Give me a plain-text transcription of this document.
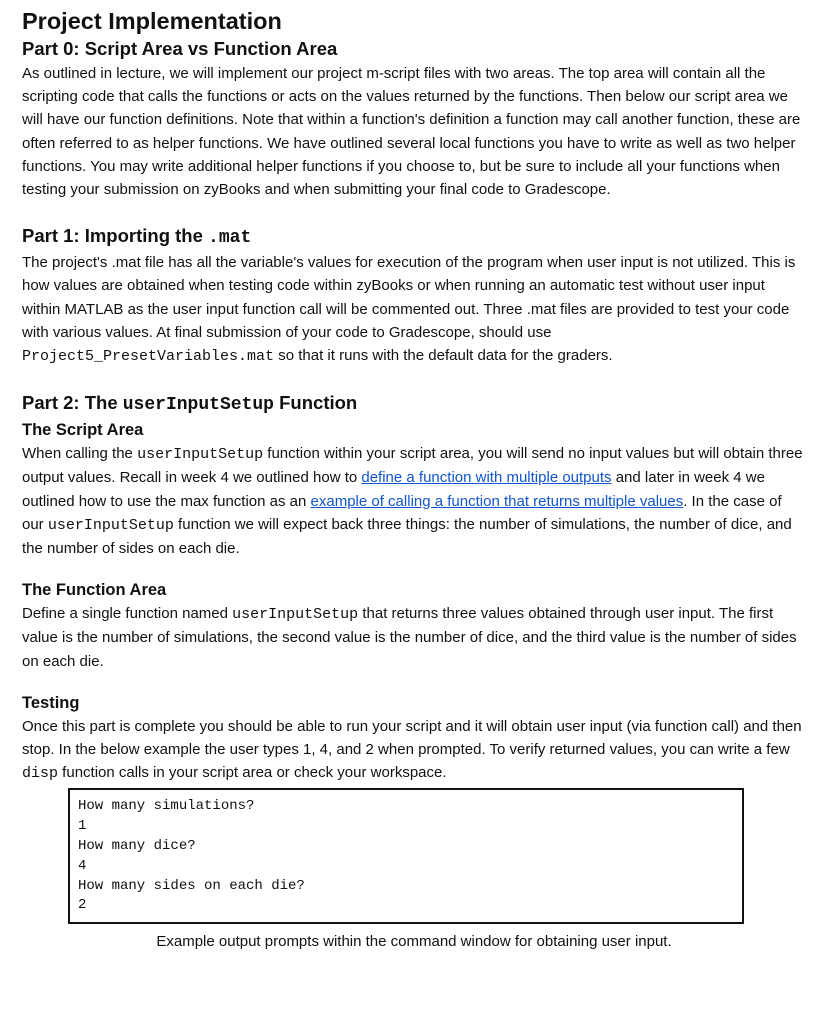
Project Implementation
Part 0: Script Area vs Function Area

As outlined in lecture, we will implement our project m-script files with two areas. The top area will contain all the scripting code that calls the functions or acts on the values returned by the functions. Then below our script area we will have our function definitions. Note that within a function's definition a function may call another function, these are often referred to as helper functions. We have outlined several local functions you have to write as well as two helper functions. You may write additional helper functions if you choose to, but be sure to include all your functions when testing your submission on zyBooks and when submitting your final code to Gradescope.

Part 1: Importing the .mat

The project's .mat file has all the variable's values for execution of the program when user input is not utilized. This is how values are obtained when testing code within zyBooks or when running an automatic test without user input within MATLAB as the user input function call will be commented out. Three .mat files are provided to test your code with various values. At final submission of your code to Gradescope, should use Project5_PresetVariables.mat so that it runs with the default data for the graders.

Part 2: The userInputSetup Function
The Script Area

When calling the userInputSetup function within your script area, you will send no input values but will obtain three output values. Recall in week 4 we outlined how to define a function with multiple outputs and later in week 4 we outlined how to use the max function as an example of calling a function that returns multiple values. In the case of our userInputSetup function we will expect back three things: the number of simulations, the number of dice, and the number of sides on each die.

The Function Area

Define a single function named userInputSetup that returns three values obtained through user input. The first value is the number of simulations, the second value is the number of dice, and the third value is the number of sides on each die.

Testing

Once this part is complete you should be able to run your script and it will obtain user input (via function call) and then stop. In the below example the user types 1, 4, and 2 when prompted. To verify returned values, you can write a few disp function calls in your script area or check your workspace.

How many simulations?
1
How many dice?
4
How many sides on each die?
2

Example output prompts within the command window for obtaining user input.
